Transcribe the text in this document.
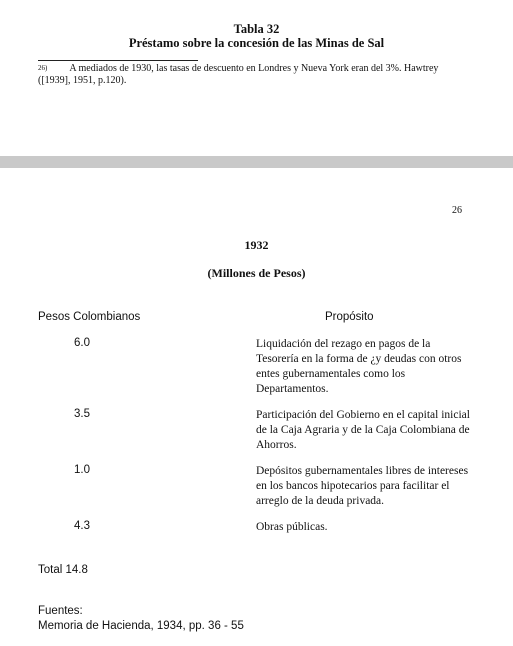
Tabla 32
Préstamo sobre la concesión de las Minas de Sal
$^{26)}$ A mediados de 1930, las tasas de descuento en Londres y Nueva York eran del 3%. Hawtrey
([1939], 1951, p.120).
26
1932
(Millones de Pesos)
Pesos Colombianos	Propósito
6.0	Liquidación del rezago en pagos de la Tesorería en la forma de ¿y deudas con otros entes gubernamentales como los Departamentos.
3.5	Participación del Gobierno en el capital inicial de la Caja Agraria y de la Caja Colombiana de Ahorros.
1.0	Depósitos gubernamentales libres de intereses en los bancos hipotecarios para facilitar el arreglo de la deuda privada.
4.3	Obras públicas.
Total 14.8
Fuentes:
Memoria de Hacienda, 1934, pp. 36 - 55
